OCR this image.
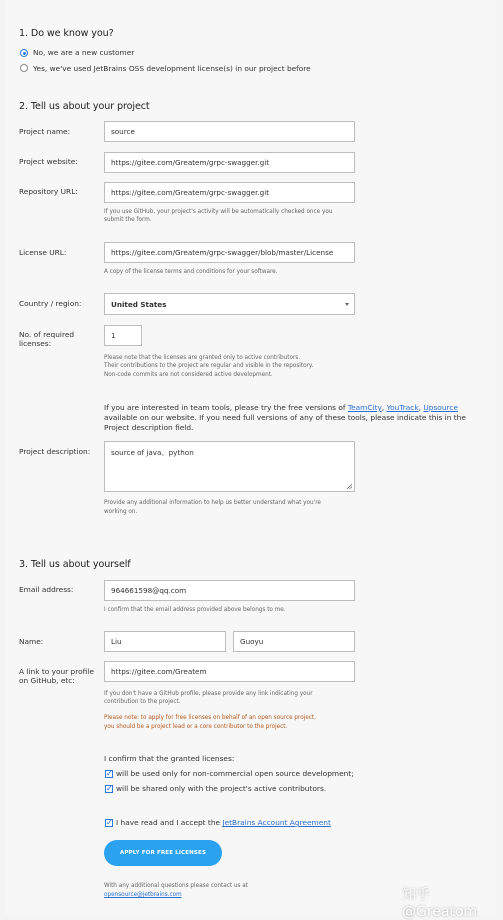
1. Do we know you?
No, we are a new customer
Yes, we've used JetBrains OSS development license(s) in our project before
2. Tell us about your project
Project name:	source
Project website:	https://gitee.com/Greatem/grpc-swagger.git
Repository URL:	https://gitee.com/Greatem/grpc-swagger.git
If you use GitHub, your project's activity will be automatically checked once you
submit the form.
License URL:	https://gitee.com/Greatem/grpc-swagger/blob/master/License
A copy of the license terms and conditions for your software.
Country / region:	United States
No. of required
licenses:
1
Please note that the licenses are granted only to active contributors.
Their contributions to the project are regular and visible in the repository.
Non-code commits are not considered active development.
If you are interested in team tools, please try the free versions of TeamCity, YouTrack, Upsource
available on our website. If you need full versions of any of these tools, please indicate this in the
Project description field.
Project description:	source of java、python
Provide any additional information to help us better understand what you're
working on.
3. Tell us about yourself
Email address:	964661598@qq.com
I confirm that the email address provided above belongs to me.
Name:	Liu	Guoyu
A link to your profile
on GitHub, etc:
https://gitee.com/Greatem
If you don't have a GitHub profile, please provide any link indicating your
contribution to the project.
Please note: to apply for free licenses on behalf of an open source project,
you should be a project lead or a core contributor to the project.
I confirm that the granted licenses:
✓ will be used only for non-commercial open source development;
✓ will be shared only with the project's active contributors.
✓ I have read and I accept the JetBrains Account Agreement
APPLY FOR FREE LICENSES
With any additional questions please contact us at
opensource@jetbrains.com	知乎 @Greatom
